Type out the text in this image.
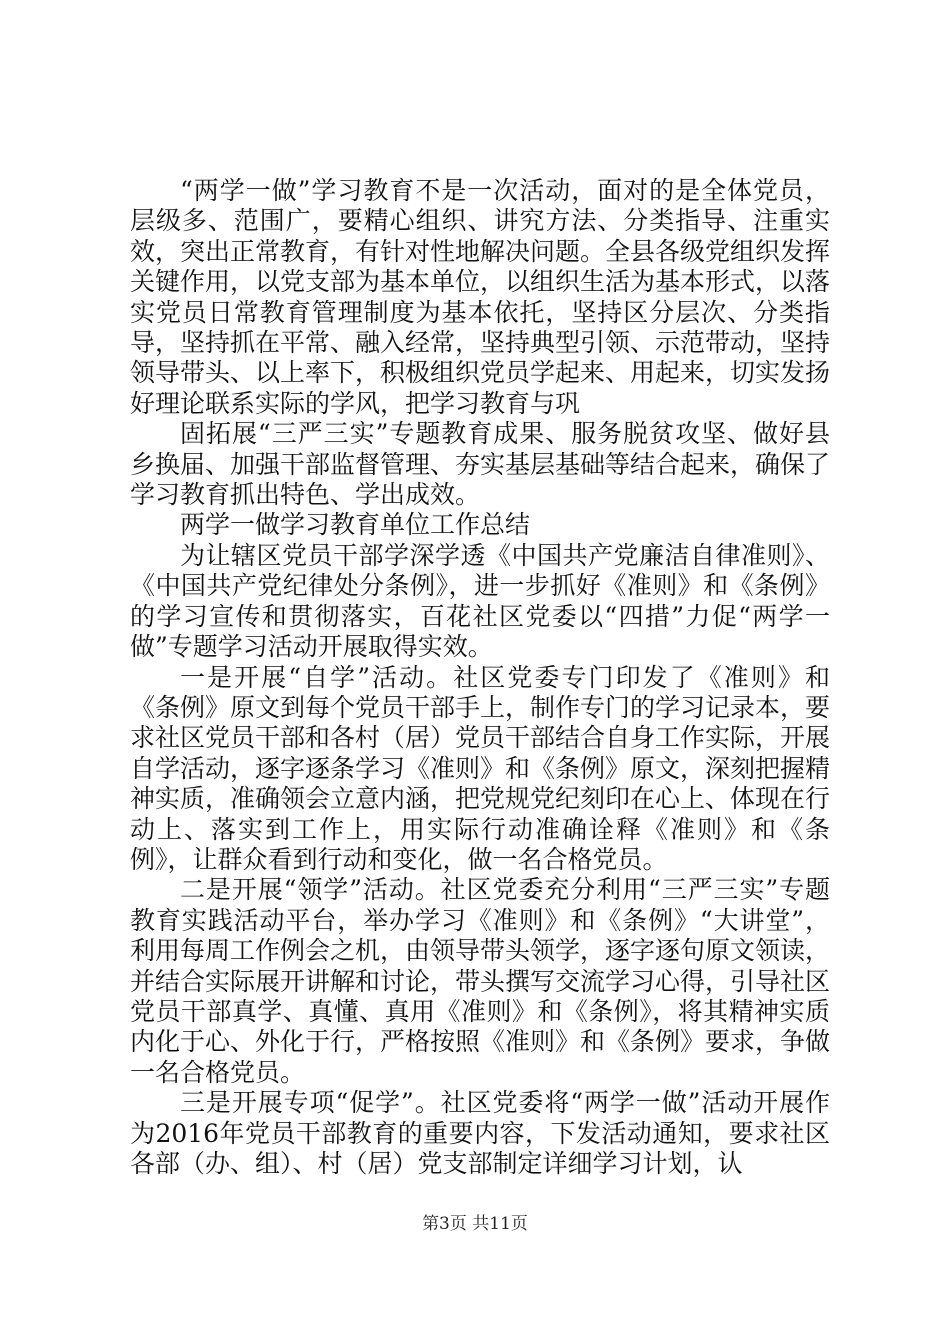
“两学一做”学习教育不是一次活动，面对的是全体党员，层级多、范围广，要精心组织、讲究方法、分类指导、注重实效，突出正常教育，有针对性地解决问题。全县各级党组织发挥关键作用，以党支部为基本单位，以组织生活为基本形式，以落实党员日常教育管理制度为基本依托，坚持区分层次、分类指导，坚持抓在平常、融入经常，坚持典型引领、示范带动，坚持领导带头、以上率下，积极组织党员学起来、用起来，切实发扬好理论联系实际的学风，把学习教育与巩

固拓展“三严三实”专题教育成果、服务脱贫攻坚、做好县乡换届、加强干部监督管理、夯实基层基础等结合起来，确保了学习教育抓出特色、学出成效。

两学一做学习教育单位工作总结

为让辖区党员干部学深学透《中国共产党廉洁自律准则》、《中国共产党纪律处分条例》，进一步抓好《准则》和《条例》的学习宣传和贯彻落实，百花社区党委以“四措”力促“两学一做”专题学习活动开展取得实效。

一是开展“自学”活动。社区党委专门印发了《准则》和《条例》原文到每个党员干部手上，制作专门的学习记录本，要求社区党员干部和各村（居）党员干部结合自身工作实际，开展自学活动，逐字逐条学习《准则》和《条例》原文，深刻把握精神实质，准确领会立意内涵，把党规党纪刻印在心上、体现在行动上、落实到工作上，用实际行动准确诠释《准则》和《条例》，让群众看到行动和变化，做一名合格党员。

二是开展“领学”活动。社区党委充分利用“三严三实”专题教育实践活动平台，举办学习《准则》和《条例》“大讲堂”，利用每周工作例会之机，由领导带头领学，逐字逐句原文领读，并结合实际展开讲解和讨论，带头撰写交流学习心得，引导社区党员干部真学、真懂、真用《准则》和《条例》，将其精神实质内化于心、外化于行，严格按照《准则》和《条例》要求，争做一名合格党员。

三是开展专项“促学”。社区党委将“两学一做”活动开展作为2016年党员干部教育的重要内容，下发活动通知，要求社区各部（办、组）、村（居）党支部制定详细学习计划，认

第3页 共11页
